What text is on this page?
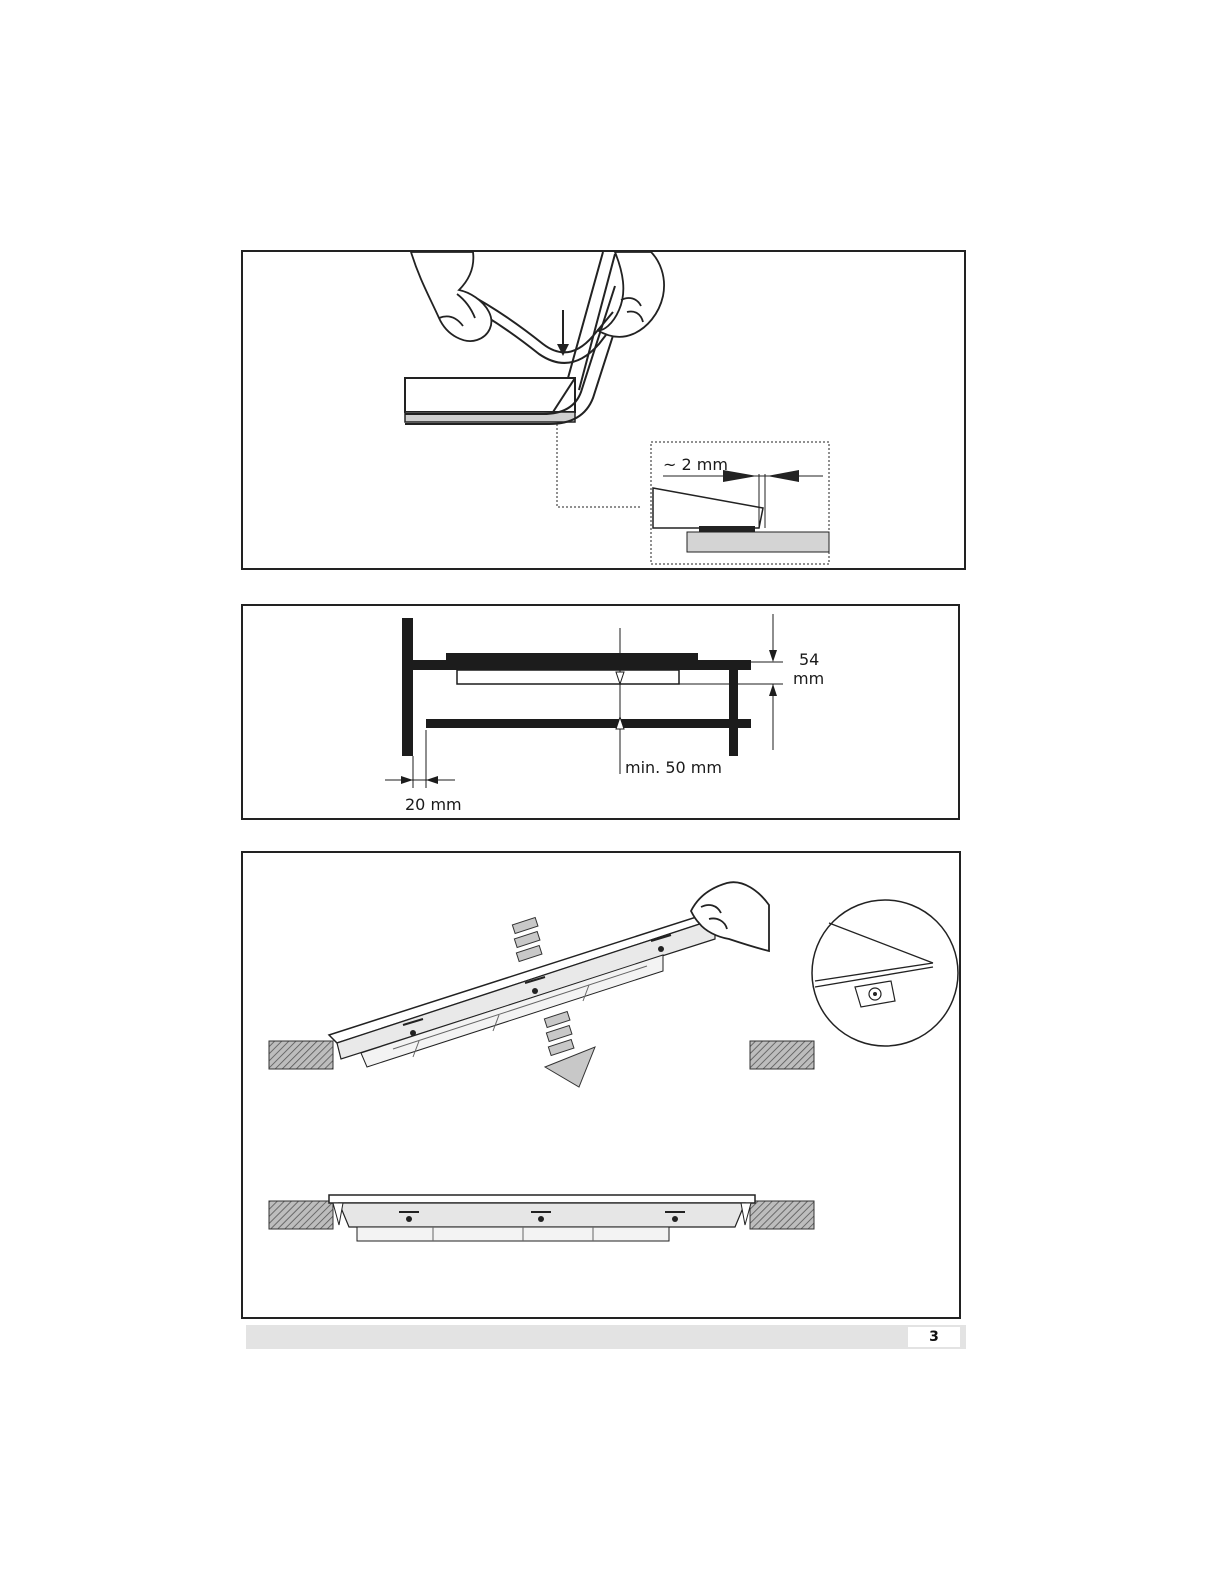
~ 2 mm
min. 50 mm
54
mm
20 mm
3
